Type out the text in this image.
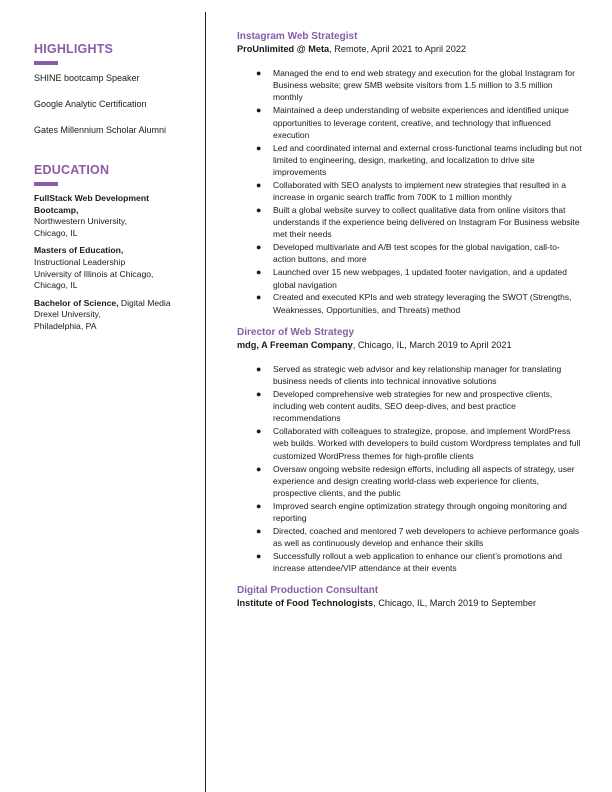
HIGHLIGHTS
SHINE bootcamp Speaker
Google Analytic Certification
Gates Millennium Scholar Alumni
EDUCATION
FullStack Web Development Bootcamp,
Northwestern University,
Chicago, IL
Masters of Education,
Instructional Leadership
University of Illinois at Chicago,
Chicago, IL
Bachelor of Science, Digital Media
Drexel University,
Philadelphia, PA
Instagram Web Strategist
ProUnlimited @ Meta, Remote, April 2021 to April 2022
● Managed the end to end web strategy and execution for the global Instagram for Business website; grew SMB website visitors from 1.5 million to 3.5 million monthly
● Maintained a deep understanding of website experiences and identified unique opportunities to leverage content, creative, and technology that influenced execution
● Led and coordinated internal and external cross-functional teams including but not limited to engineering, design, marketing, and localization to drive site improvements
● Collaborated with SEO analysts to implement new strategies that resulted in a increase in organic search traffic from 700K to 1 million monthly
● Built a global website survey to collect qualitative data from online visitors that understands if the experience being delivered on Instagram For Business website met their needs
● Developed multivariate and A/B test scopes for the global navigation, call-to-action buttons, and more
● Launched over 15 new webpages, 1 updated footer navigation, and a updated global navigation
● Created and executed KPIs and web strategy leveraging the SWOT (Strengths, Weaknesses, Opportunities, and Threats) method
Director of Web Strategy
mdg, A Freeman Company, Chicago, IL, March 2019 to April 2021
● Served as strategic web advisor and key relationship manager for translating business needs of clients into technical innovative solutions
● Developed comprehensive web strategies for new and prospective clients, including web content audits, SEO deep-dives, and best practice recommendations
● Collaborated with colleagues to strategize, propose, and implement WordPress web builds. Worked with developers to build custom Wordpress templates and full customized WordPress themes for high-profile clients
● Oversaw ongoing website redesign efforts, including all aspects of strategy, user experience and design creating world-class web experience for clients, prospective clients, and the public
● Improved search engine optimization strategy through ongoing monitoring and reporting
● Directed, coached and mentored 7 web developers to achieve performance goals as well as continuously develop and enhance their skills
● Successfully rollout a web application to enhance our client’s promotions and increase attendee/VIP attendance at their events
Digital Production Consultant
Institute of Food Technologists, Chicago, IL, March 2019 to September
